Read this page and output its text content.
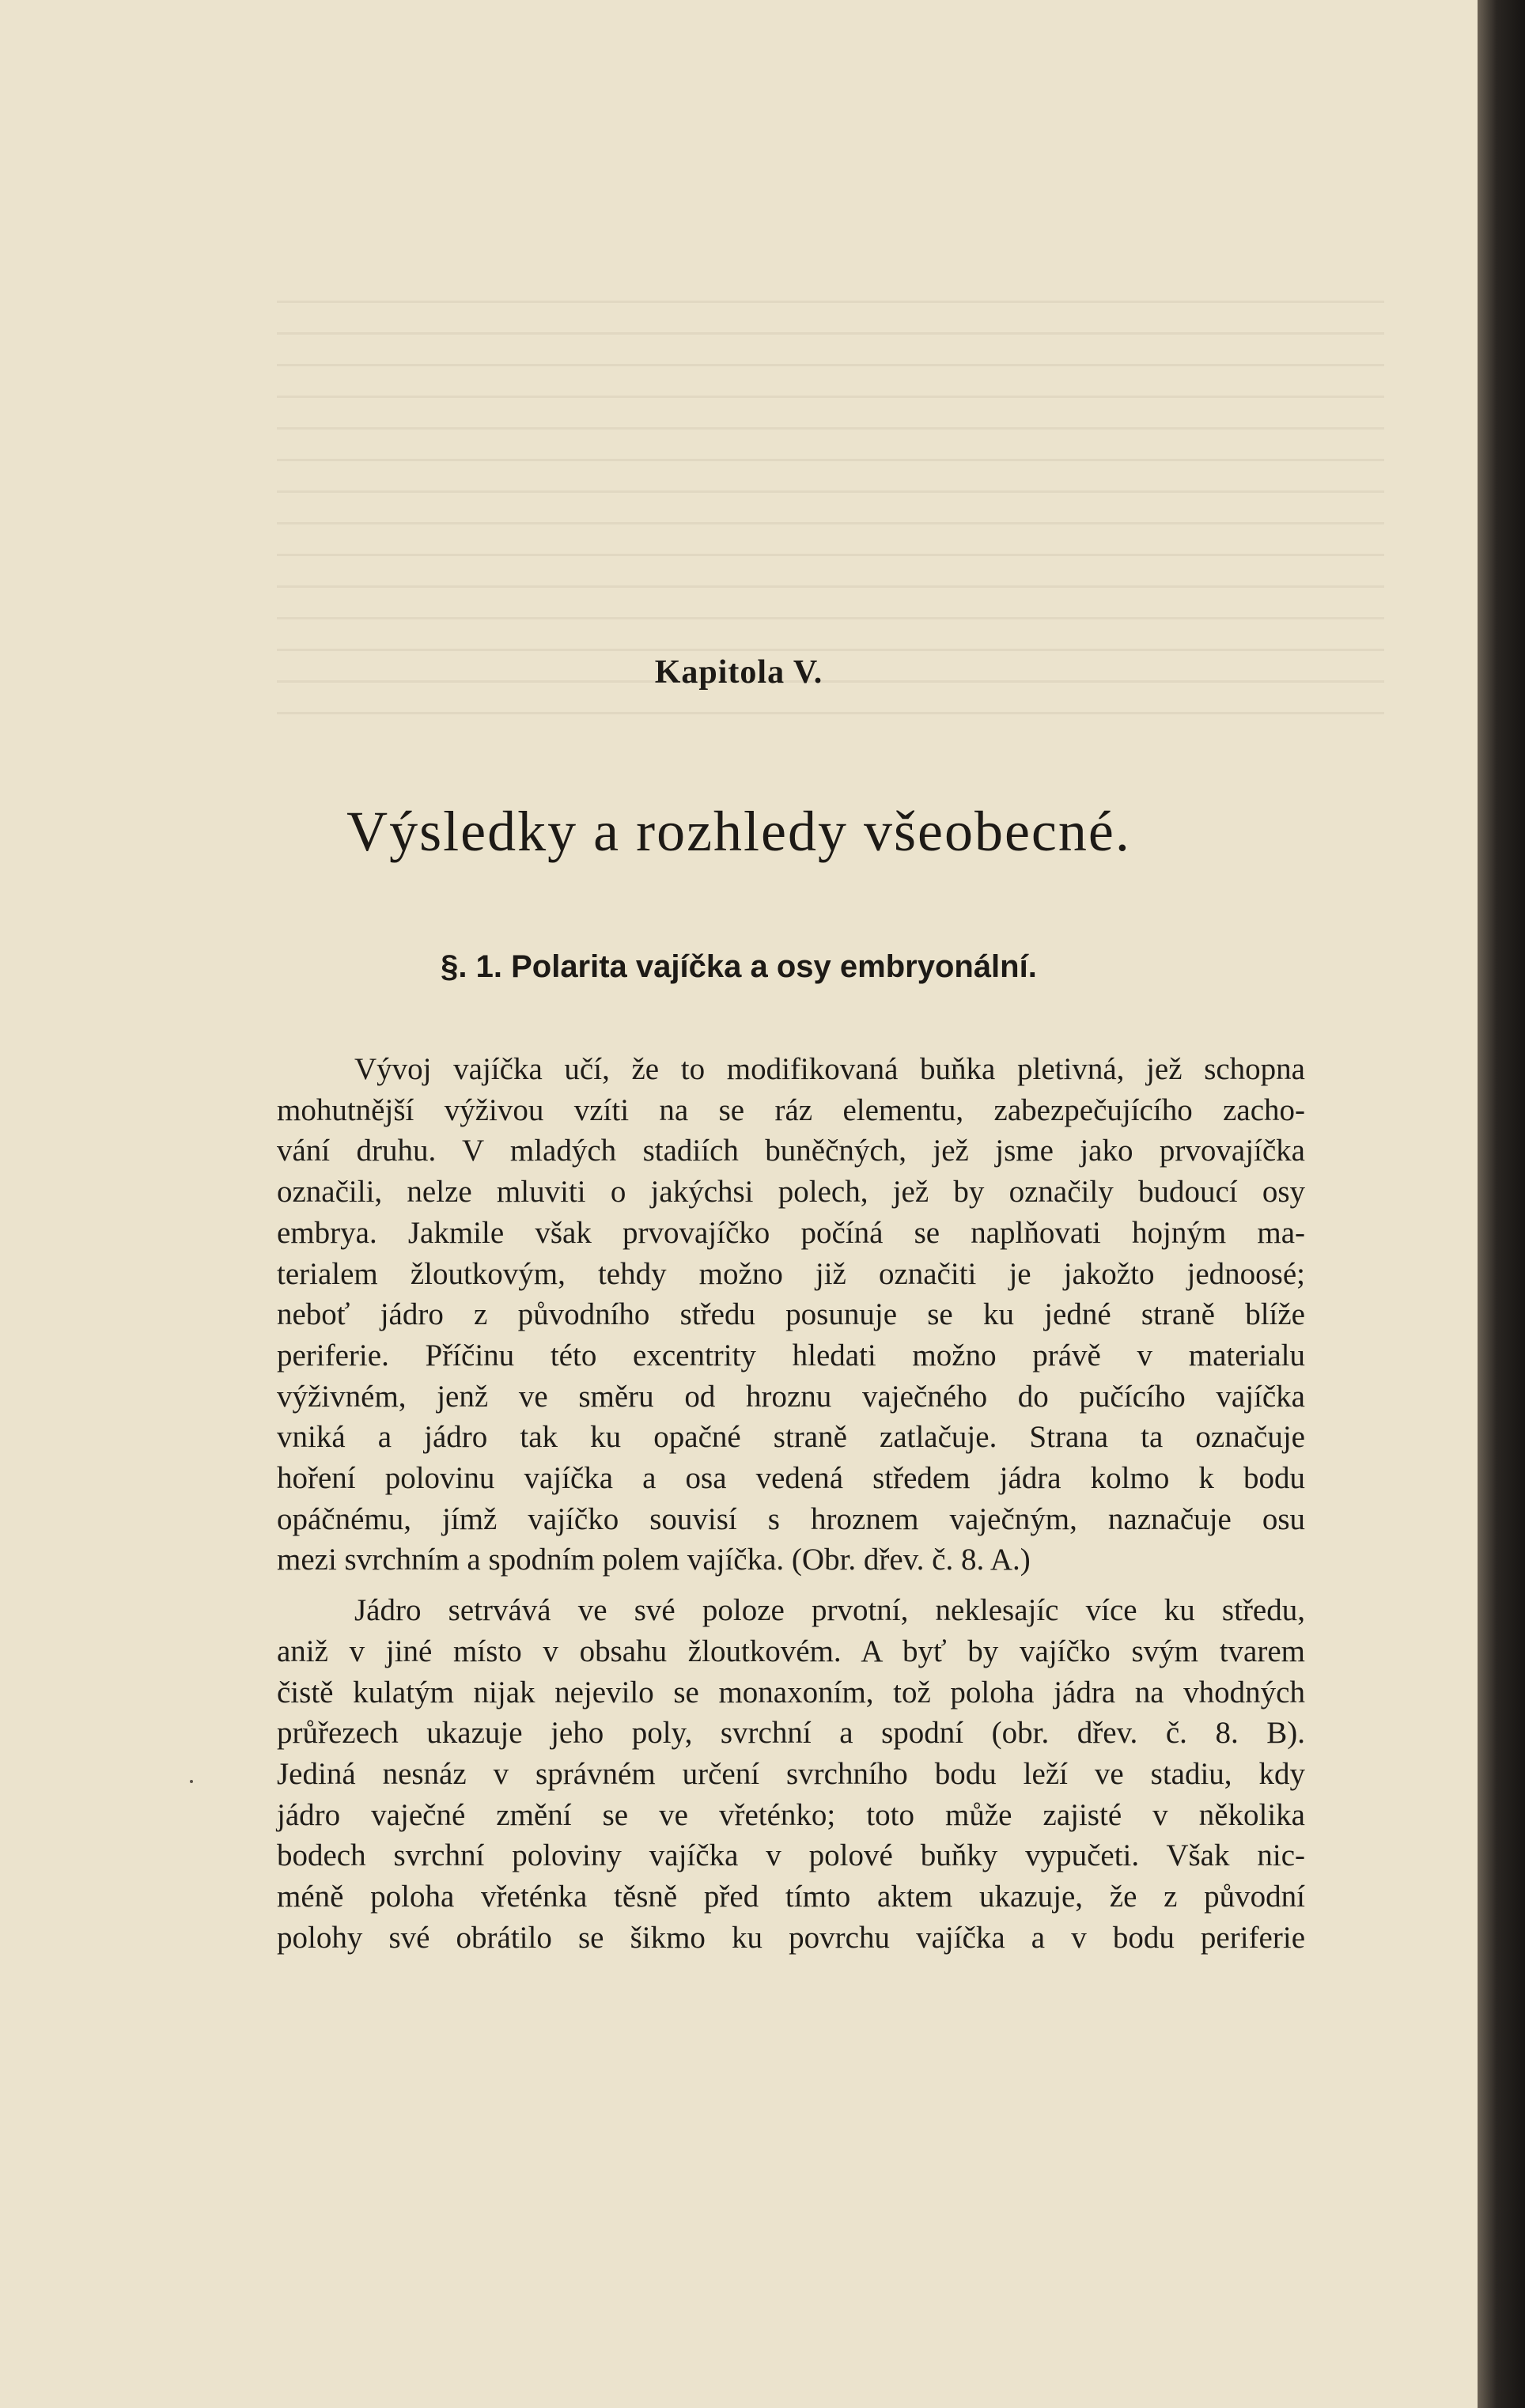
Kapitola V.
Výsledky a rozhledy všeobecné.
§. 1. Polarita vajíčka a osy embryonální.
Vývoj vajíčka učí, že to modifikovaná buňka pletivná, jež schopna
mohutnější výživou vzíti na se ráz elementu, zabezpečujícího zacho-
vání druhu. V mladých stadiích buněčných, jež jsme jako prvovajíčka
označili, nelze mluviti o jakýchsi polech, jež by označily budoucí osy
embrya. Jakmile však prvovajíčko počíná se naplňovati hojným ma-
terialem žloutkovým, tehdy možno již označiti je jakožto jednoosé;
neboť jádro z původního středu posunuje se ku jedné straně blíže
periferie. Příčinu této excentrity hledati možno právě v materialu
výživném, jenž ve směru od hroznu vaječného do pučícího vajíčka
vniká a jádro tak ku opačné straně zatlačuje. Strana ta označuje
hoření polovinu vajíčka a osa vedená středem jádra kolmo k bodu
opáčnému, jímž vajíčko souvisí s hroznem vaječným, naznačuje osu
mezi svrchním a spodním polem vajíčka. (Obr. dřev. č. 8. A.)
Jádro setrvává ve své poloze prvotní, neklesajíc více ku středu,
aniž v jiné místo v obsahu žloutkovém. A byť by vajíčko svým tvarem
čistě kulatým nijak nejevilo se monaxoním, tož poloha jádra na vhodných
průřezech ukazuje jeho poly, svrchní a spodní (obr. dřev. č. 8. B).
Jediná nesnáz v správném určení svrchního bodu leží ve stadiu, kdy
jádro vaječné změní se ve vřeténko; toto může zajisté v několika
bodech svrchní poloviny vajíčka v polové buňky vypučeti. Však nic-
méně poloha vřeténka těsně před tímto aktem ukazuje, že z původní
polohy své obrátilo se šikmo ku povrchu vajíčka a v bodu periferie
